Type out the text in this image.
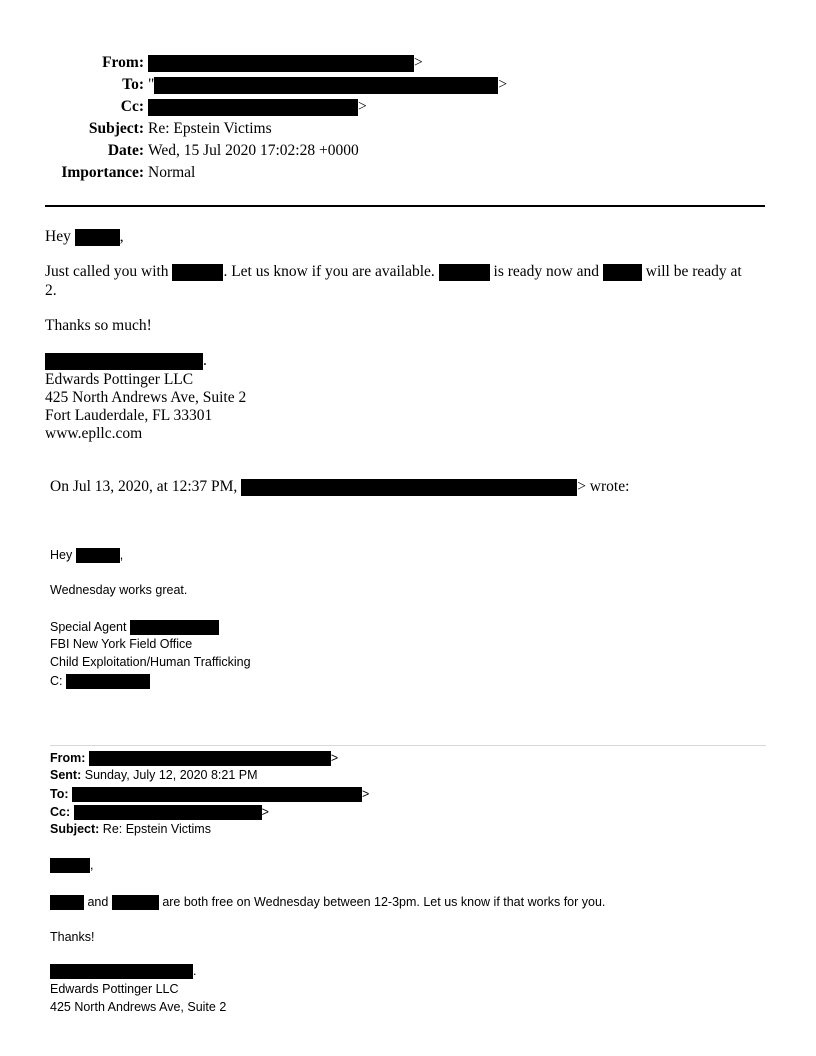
From:	>
To: "	>
Cc:	>
Subject: Re: Epstein Victims
Date: Wed, 15 Jul 2020 17:02:28 +0000
Importance: Normal
Hey	,
Just called you with	. Let us know if you are available.	is ready now and	will be ready at
2.
Thanks so much!
.
Edwards Pottinger LLC
425 North Andrews Ave, Suite 2
Fort Lauderdale, FL 33301
www.epllc.com
On Jul 13, 2020, at 12:37 PM,	> wrote:
Hey	,
Wednesday works great.
Special Agent
FBI New York Field Office
Child Exploitation/Human Trafficking
C:
From:	>
Sent: Sunday, July 12, 2020 8:21 PM
To:	>
Cc:	>
Subject: Re: Epstein Victims
,
and	are both free on Wednesday between 12-3pm. Let us know if that works for you.
Thanks!
.
Edwards Pottinger LLC
425 North Andrews Ave, Suite 2
